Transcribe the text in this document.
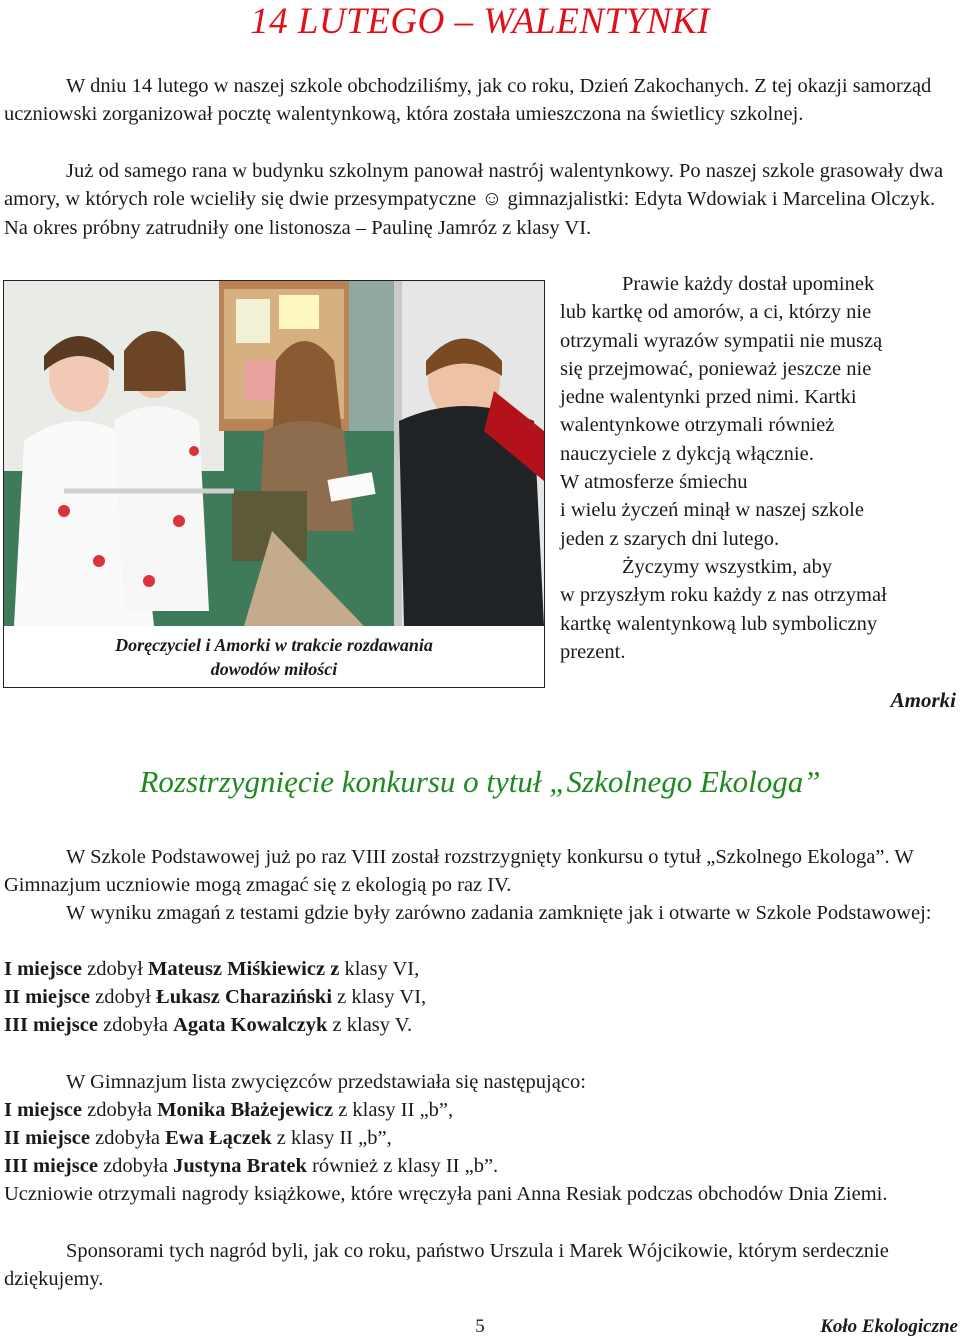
14 LUTEGO – WALENTYNKI

W dniu 14 lutego w naszej szkole obchodziliśmy, jak co roku, Dzień Zakochanych. Z tej okazji samorząd uczniowski zorganizował pocztę walentynkową, która została umieszczona na świetlicy szkolnej.

Już od samego rana w budynku szkolnym panował nastrój walentynkowy. Po naszej szkole grasowały dwa amory, w których role wcieliły się dwie przesympatyczne ☺ gimnazjalistki: Edyta Wdowiak i Marcelina Olczyk. Na okres próbny zatrudniły one listonosza – Paulinę Jamróz z klasy VI.

Doręczyciel i Amorki w trakcie rozdawania
dowodów miłości
Prawie każdy dostał upominek
lub kartkę od amorów, a ci, którzy nie
otrzymali wyrazów sympatii nie muszą
się przejmować, ponieważ jeszcze nie
jedne walentynki przed nimi. Kartki
walentynkowe otrzymali również
nauczyciele z dykcją włącznie.
W atmosferze śmiechu
i wielu życzeń minął w naszej szkole
jeden z szarych dni lutego.
Życzymy wszystkim, aby
w przyszłym roku każdy z nas otrzymał
kartkę walentynkową lub symboliczny
prezent.
Amorki
Rozstrzygnięcie konkursu o tytuł „Szkolnego Ekologa”

W Szkole Podstawowej już po raz VIII został rozstrzygnięty konkursu o tytuł „Szkolnego Ekologa”. W Gimnazjum uczniowie mogą zmagać się z ekologią po raz IV.

W wyniku zmagań z testami gdzie były zarówno zadania zamknięte jak i otwarte w Szkole Podstawowej:

I miejsce zdobył Mateusz Miśkiewicz z klasy VI,

II miejsce zdobył Łukasz Charaziński z klasy VI,

III miejsce zdobyła Agata Kowalczyk z klasy V.

W Gimnazjum lista zwycięzców przedstawiała się następująco:

I miejsce zdobyła Monika Błażejewicz z klasy II „b”,

II miejsce zdobyła Ewa Łączek z klasy II „b”,

III miejsce zdobyła Justyna Bratek również z klasy II „b”.

Uczniowie otrzymali nagrody książkowe, które wręczyła pani Anna Resiak podczas obchodów Dnia Ziemi.

Sponsorami tych nagród byli, jak co roku, państwo Urszula i Marek Wójcikowie, którym serdecznie dziękujemy.

5	Koło Ekologiczne
